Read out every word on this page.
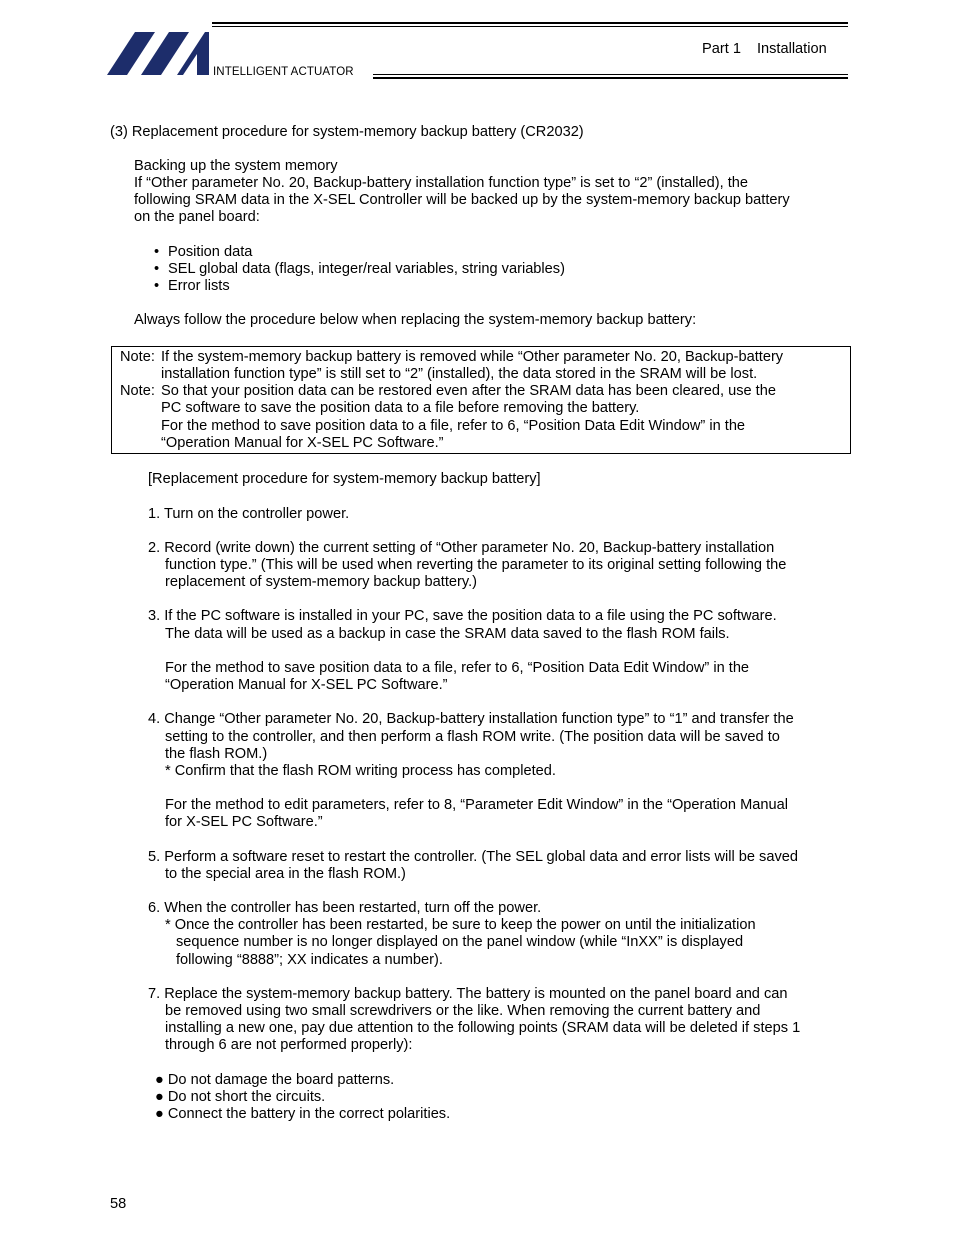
INTELLIGENT ACTUATOR
Part 1 Installation
(3) Replacement procedure for system-memory backup battery (CR2032)
Backing up the system memory
If “Other parameter No. 20, Backup-battery installation function type” is set to “2” (installed), the
following SRAM data in the X-SEL Controller will be backed up by the system-memory backup battery
on the panel board:
• Position data
• SEL global data (flags, integer/real variables, string variables)
• Error lists
Always follow the procedure below when replacing the system-memory backup battery:
Note: If the system-memory backup battery is removed while “Other parameter No. 20, Backup-battery
installation function type” is still set to “2” (installed), the data stored in the SRAM will be lost.
Note: So that your position data can be restored even after the SRAM data has been cleared, use the
PC software to save the position data to a file before removing the battery.
For the method to save position data to a file, refer to 6, “Position Data Edit Window” in the
“Operation Manual for X-SEL PC Software.”
[Replacement procedure for system-memory backup battery]
1. Turn on the controller power.
2. Record (write down) the current setting of “Other parameter No. 20, Backup-battery installation
function type.” (This will be used when reverting the parameter to its original setting following the
replacement of system-memory backup battery.)
3. If the PC software is installed in your PC, save the position data to a file using the PC software.
The data will be used as a backup in case the SRAM data saved to the flash ROM fails.
For the method to save position data to a file, refer to 6, “Position Data Edit Window” in the
“Operation Manual for X-SEL PC Software.”
4. Change “Other parameter No. 20, Backup-battery installation function type” to “1” and transfer the
setting to the controller, and then perform a flash ROM write. (The position data will be saved to
the flash ROM.)
* Confirm that the flash ROM writing process has completed.
For the method to edit parameters, refer to 8, “Parameter Edit Window” in the “Operation Manual
for X-SEL PC Software.”
5. Perform a software reset to restart the controller. (The SEL global data and error lists will be saved
to the special area in the flash ROM.)
6. When the controller has been restarted, turn off the power.
* Once the controller has been restarted, be sure to keep the power on until the initialization
sequence number is no longer displayed on the panel window (while “InXX” is displayed
following “8888”; XX indicates a number).
7. Replace the system-memory backup battery. The battery is mounted on the panel board and can
be removed using two small screwdrivers or the like. When removing the current battery and
installing a new one, pay due attention to the following points (SRAM data will be deleted if steps 1
through 6 are not performed properly):
● Do not damage the board patterns.
● Do not short the circuits.
● Connect the battery in the correct polarities.
58
